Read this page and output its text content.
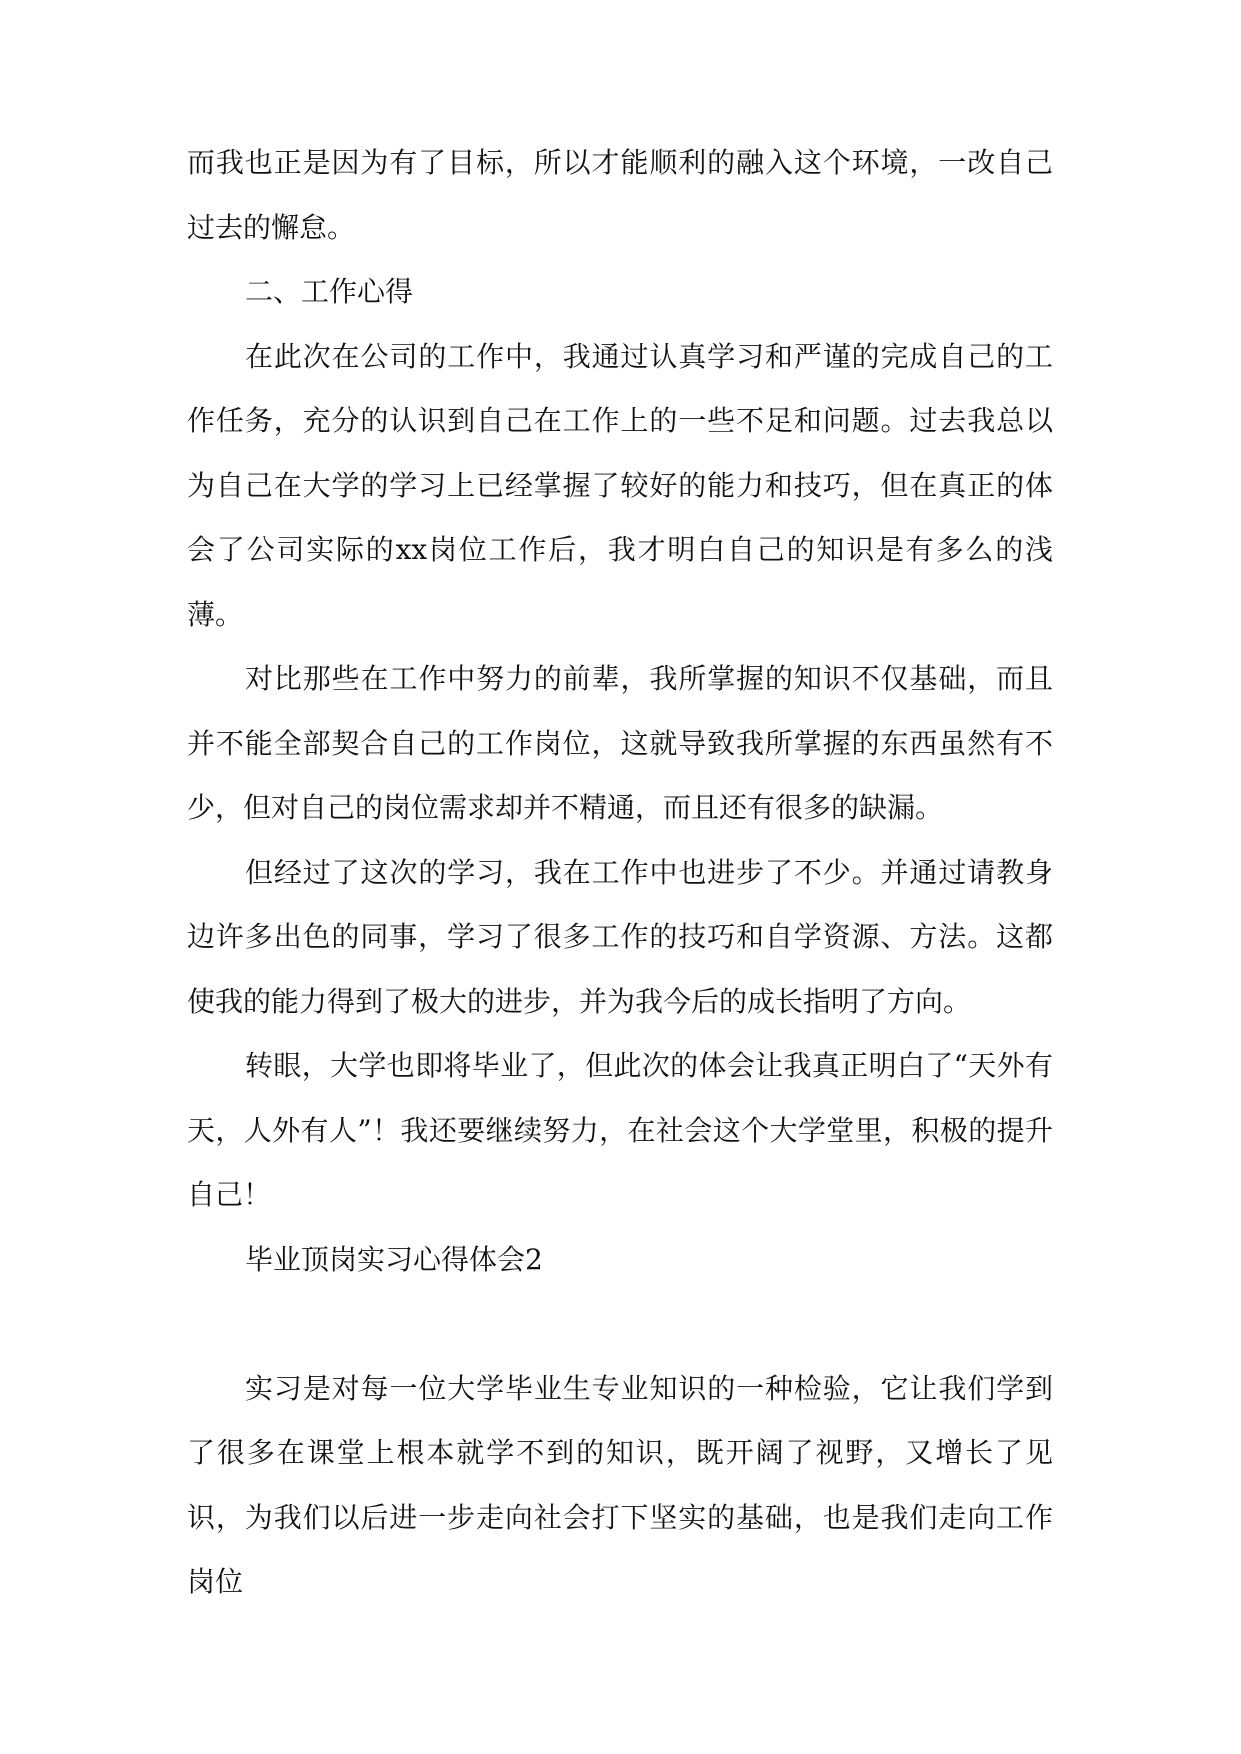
而我也正是因为有了目标，所以才能顺利的融入这个环境，一改自己过去的懈怠。

二、工作心得

在此次在公司的工作中，我通过认真学习和严谨的完成自己的工作任务，充分的认识到自己在工作上的一些不足和问题。过去我总以为自己在大学的学习上已经掌握了较好的能力和技巧，但在真正的体会了公司实际的xx岗位工作后，我才明白自己的知识是有多么的浅薄。

对比那些在工作中努力的前辈，我所掌握的知识不仅基础，而且并不能全部契合自己的工作岗位，这就导致我所掌握的东西虽然有不少，但对自己的岗位需求却并不精通，而且还有很多的缺漏。

但经过了这次的学习，我在工作中也进步了不少。并通过请教身边许多出色的同事，学习了很多工作的技巧和自学资源、方法。这都使我的能力得到了极大的进步，并为我今后的成长指明了方向。

转眼，大学也即将毕业了，但此次的体会让我真正明白了“天外有天，人外有人”！我还要继续努力，在社会这个大学堂里，积极的提升自己！

毕业顶岗实习心得体会2

实习是对每一位大学毕业生专业知识的一种检验，它让我们学到了很多在课堂上根本就学不到的知识，既开阔了视野，又增长了见识，为我们以后进一步走向社会打下坚实的基础，也是我们走向工作岗位
